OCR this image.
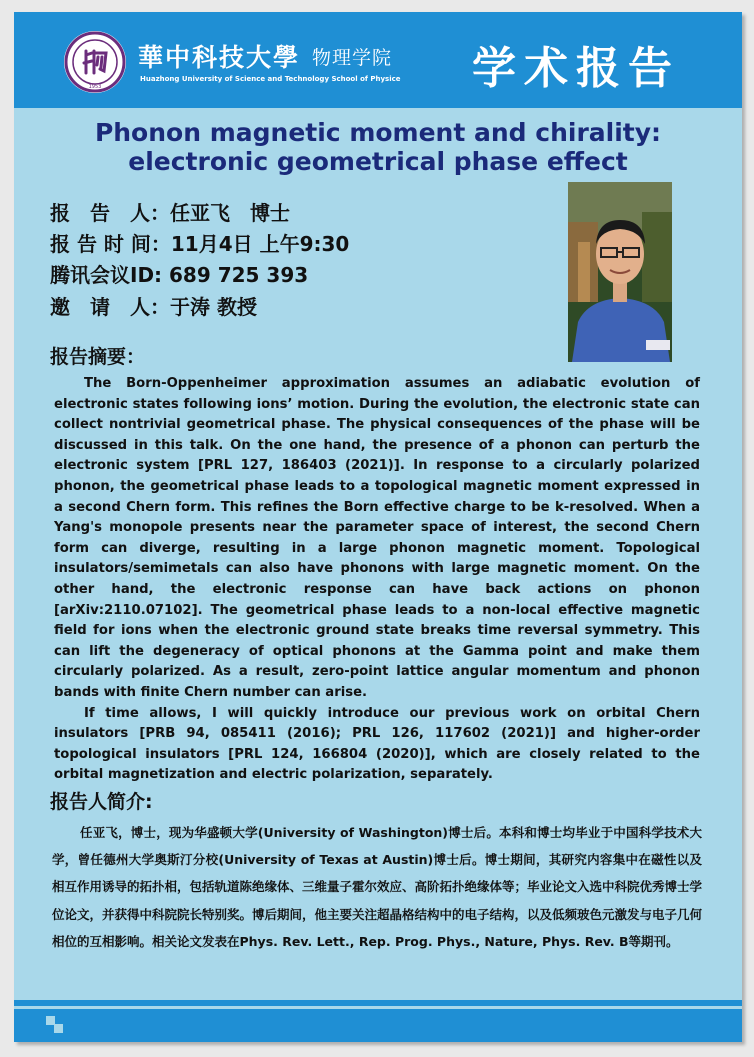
1953
華中科技大學 物理学院
Huazhong University of Science and Technology School of Physice 学术报告
Phonon magnetic moment and chirality:
electronic geometrical phase effect
报　告　人：任亚飞　博士
报 告 时 间：11月4日 上午9:30
腾讯会议ID: 689 725 393
邀　请　人：于涛 教授
报告摘要：

The Born-Oppenheimer approximation assumes an adiabatic evolution of electronic states following ions’ motion. During the evolution, the electronic state can collect nontrivial geometrical phase. The physical consequences of the phase will be discussed in this talk. On the one hand, the presence of a phonon can perturb the electronic system [PRL 127, 186403 (2021)]. In response to a circularly polarized phonon, the geometrical phase leads to a topological magnetic moment expressed in a second Chern form. This refines the Born effective charge to be k-resolved. When a Yang's monopole presents near the parameter space of interest, the second Chern form can diverge, resulting in a large phonon magnetic moment. Topological insulators/semimetals can also have phonons with large magnetic moment. On the other hand, the electronic response can have back actions on phonon [arXiv:2110.07102]. The geometrical phase leads to a non-local effective magnetic field for ions when the electronic ground state breaks time reversal symmetry. This can lift the degeneracy of optical phonons at the Gamma point and make them circularly polarized. As a result, zero-point lattice angular momentum and phonon bands with finite Chern number can arise.

If time allows, I will quickly introduce our previous work on orbital Chern insulators [PRB 94, 085411 (2016); PRL 126, 117602 (2021)] and higher-order topological insulators [PRL 124, 166804 (2020)], which are closely related to the orbital magnetization and electric polarization, separately.

报告人简介:

任亚飞，博士，现为华盛顿大学(University of Washington)博士后。本科和博士均毕业于中国科学技术大学，曾任德州大学奥斯汀分校(University of Texas at Austin)博士后。博士期间，其研究内容集中在磁性以及相互作用诱导的拓扑相，包括轨道陈绝缘体、三维量子霍尔效应、高阶拓扑绝缘体等；毕业论文入选中科院优秀博士学位论文，并获得中科院院长特别奖。博后期间，他主要关注超晶格结构中的电子结构，以及低频玻色元激发与电子几何相位的互相影响。相关论文发表在Phys. Rev. Lett., Rep. Prog. Phys., Nature, Phys. Rev. B等期刊。
